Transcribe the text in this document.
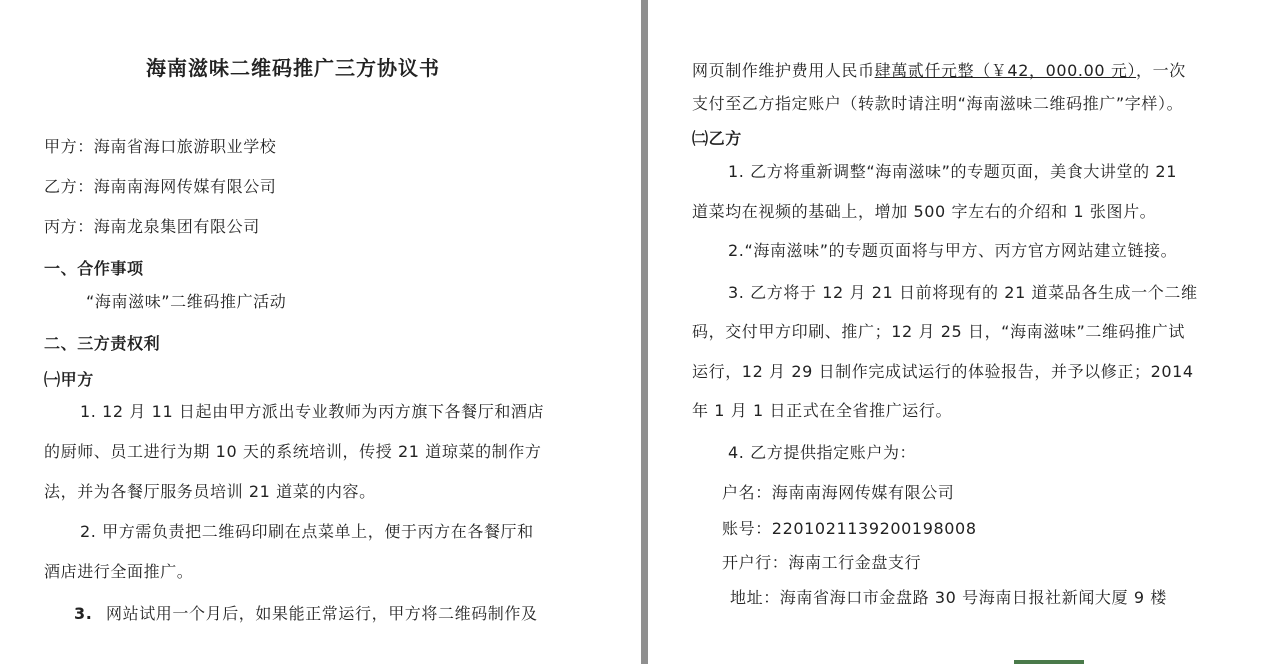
海南滋味二维码推广三方协议书
甲方：海南省海口旅游职业学校
乙方：海南南海网传媒有限公司
丙方：海南龙泉集团有限公司
一、合作事项
“海南滋味”二维码推广活动
二、三方责权利
㈠甲方
1. 12 月 11 日起由甲方派出专业教师为丙方旗下各餐厅和酒店
的厨师、员工进行为期 10 天的系统培训，传授 21 道琼菜的制作方
法，并为各餐厅服务员培训 21 道菜的内容。
2. 甲方需负责把二维码印刷在点菜单上，便于丙方在各餐厅和
酒店进行全面推广。
3. 网站试用一个月后，如果能正常运行，甲方将二维码制作及
网页制作维护费用人民币肆萬贰仟元整（￥42，000.00 元），一次
支付至乙方指定账户（转款时请注明“海南滋味二维码推广”字样）。
㈡乙方
1. 乙方将重新调整“海南滋味”的专题页面，美食大讲堂的 21
道菜均在视频的基础上，增加 500 字左右的介绍和 1 张图片。
2.“海南滋味”的专题页面将与甲方、丙方官方网站建立链接。
3. 乙方将于 12 月 21 日前将现有的 21 道菜品各生成一个二维
码，交付甲方印刷、推广；12 月 25 日，“海南滋味”二维码推广试
运行，12 月 29 日制作完成试运行的体验报告，并予以修正；2014
年 1 月 1 日正式在全省推广运行。
4. 乙方提供指定账户为：
户名：海南南海网传媒有限公司
账号：2201021139200198008
开户行：海南工行金盘支行
地址：海南省海口市金盘路 30 号海南日报社新闻大厦 9 楼
